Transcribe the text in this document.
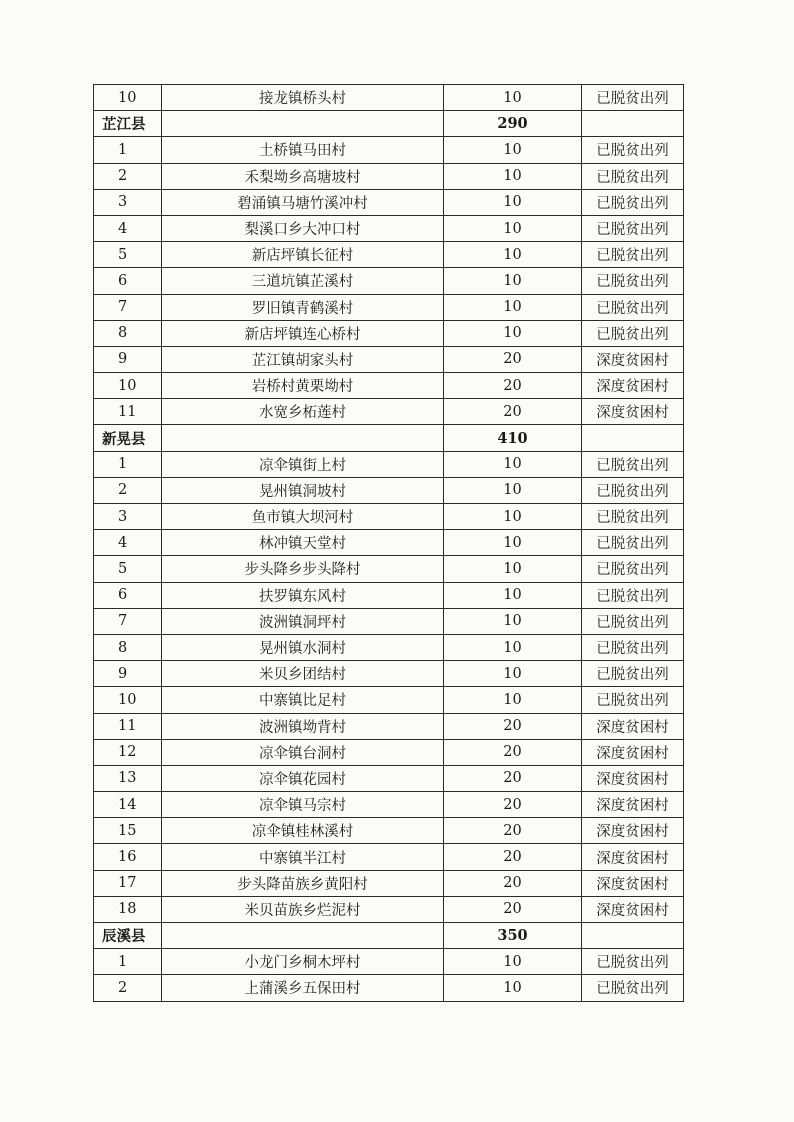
10	接龙镇桥头村	10	已脱贫出列
芷江县		290	
1	土桥镇马田村	10	已脱贫出列
2	禾梨坳乡高塘坡村	10	已脱贫出列
3	碧涌镇马塘竹溪冲村	10	已脱贫出列
4	梨溪口乡大冲口村	10	已脱贫出列
5	新店坪镇长征村	10	已脱贫出列
6	三道坑镇芷溪村	10	已脱贫出列
7	罗旧镇青鹤溪村	10	已脱贫出列
8	新店坪镇连心桥村	10	已脱贫出列
9	芷江镇胡家头村	20	深度贫困村
10	岩桥村黄栗坳村	20	深度贫困村
11	水宽乡柘莲村	20	深度贫困村
新晃县		410	
1	凉伞镇街上村	10	已脱贫出列
2	晃州镇洞坡村	10	已脱贫出列
3	鱼市镇大坝河村	10	已脱贫出列
4	林冲镇天堂村	10	已脱贫出列
5	步头降乡步头降村	10	已脱贫出列
6	扶罗镇东风村	10	已脱贫出列
7	波洲镇洞坪村	10	已脱贫出列
8	晃州镇水洞村	10	已脱贫出列
9	米贝乡团结村	10	已脱贫出列
10	中寨镇比足村	10	已脱贫出列
11	波洲镇坳背村	20	深度贫困村
12	凉伞镇台洞村	20	深度贫困村
13	凉伞镇花园村	20	深度贫困村
14	凉伞镇马宗村	20	深度贫困村
15	凉伞镇桂林溪村	20	深度贫困村
16	中寨镇半江村	20	深度贫困村
17	步头降苗族乡黄阳村	20	深度贫困村
18	米贝苗族乡烂泥村	20	深度贫困村
辰溪县		350	
1	小龙门乡桐木坪村	10	已脱贫出列
2	上蒲溪乡五保田村	10	已脱贫出列
